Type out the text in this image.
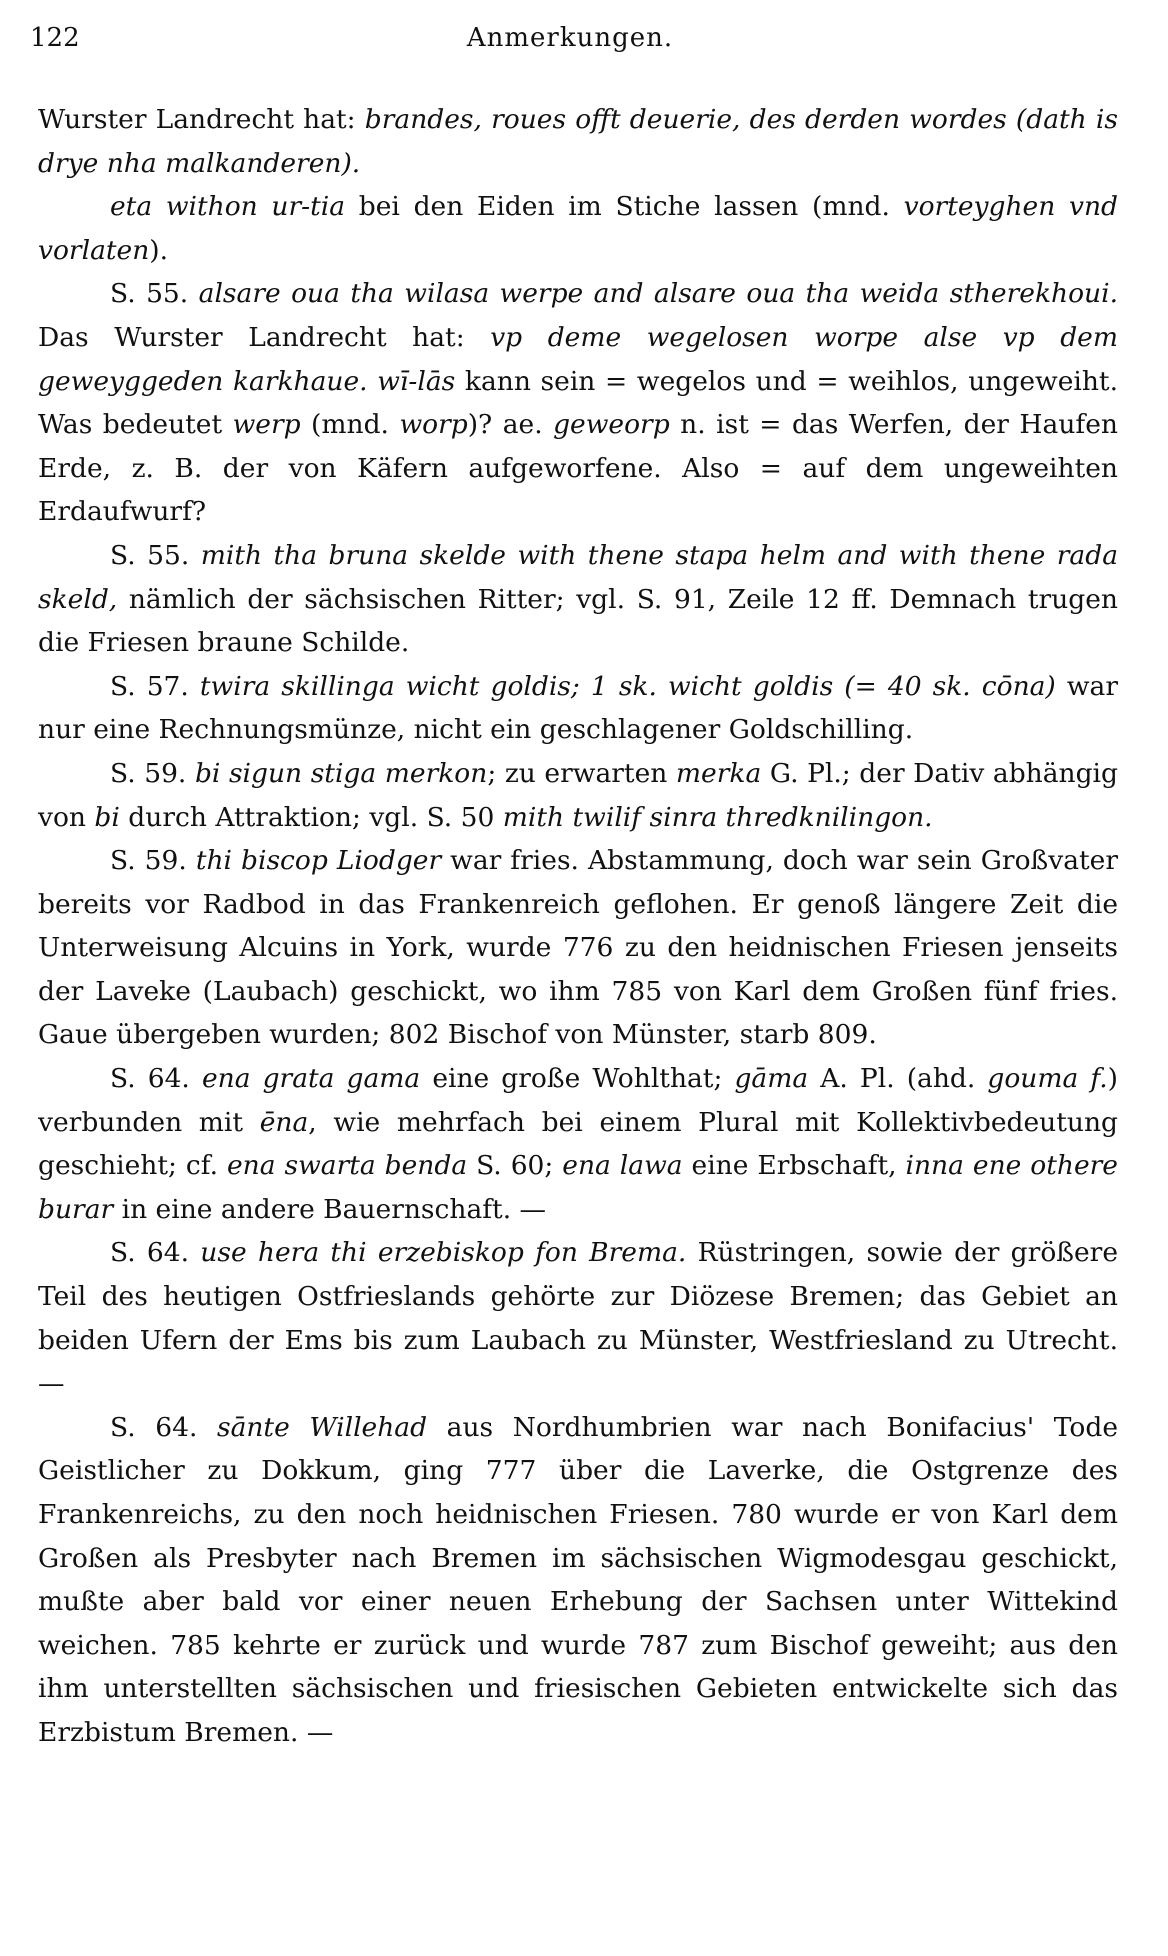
122	Anmerkungen.

Wurster Landrecht hat: brandes, roues offt deuerie, des derden wordes (dath is drye nha malkanderen).

eta withon ur-tia bei den Eiden im Stiche lassen (mnd. vorteyghen vnd vorlaten).

S. 55. alsare oua tha wilasa werpe and alsare oua tha weida stherekhoui. Das Wurster Landrecht hat: vp deme wegelosen worpe alse vp dem geweyggeden karkhaue. wī-lās kann sein = wegelos und = weihlos, ungeweiht. Was bedeutet werp (mnd. worp)? ae. geweorp n. ist = das Werfen, der Haufen Erde, z. B. der von Käfern aufgeworfene. Also = auf dem ungeweihten Erdaufwurf?

S. 55. mith tha bruna skelde with thene stapa helm and with thene rada skeld, nämlich der sächsischen Ritter; vgl. S. 91, Zeile 12 ff. Demnach trugen die Friesen braune Schilde.

S. 57. twira skillinga wicht goldis; 1 sk. wicht goldis (= 40 sk. cōna) war nur eine Rechnungsmünze, nicht ein geschlagener Goldschilling.

S. 59. bi sigun stiga merkon; zu erwarten merka G. Pl.; der Dativ abhängig von bi durch Attraktion; vgl. S. 50 mith twilif sinra thredknilingon.

S. 59. thi biscop Liodger war fries. Abstammung, doch war sein Großvater bereits vor Radbod in das Frankenreich geflohen. Er genoß längere Zeit die Unterweisung Alcuins in York, wurde 776 zu den heidnischen Friesen jenseits der Laveke (Laubach) geschickt, wo ihm 785 von Karl dem Großen fünf fries. Gaue übergeben wurden; 802 Bischof von Münster, starb 809.

S. 64. ena grata gama eine große Wohlthat; gāma A. Pl. (ahd. gouma f.) verbunden mit ēna, wie mehrfach bei einem Plural mit Kollektivbedeutung geschieht; cf. ena swarta benda S. 60; ena lawa eine Erbschaft, inna ene othere burar in eine andere Bauernschaft. —

S. 64. use hera thi erzebiskop fon Brema. Rüstringen, sowie der größere Teil des heutigen Ostfrieslands gehörte zur Diözese Bremen; das Gebiet an beiden Ufern der Ems bis zum Laubach zu Münster, Westfriesland zu Utrecht. —

S. 64. sānte Willehad aus Nordhumbrien war nach Bonifacius' Tode Geistlicher zu Dokkum, ging 777 über die Laverke, die Ostgrenze des Frankenreichs, zu den noch heidnischen Friesen. 780 wurde er von Karl dem Großen als Presbyter nach Bremen im sächsischen Wigmodesgau geschickt, mußte aber bald vor einer neuen Erhebung der Sachsen unter Wittekind weichen. 785 kehrte er zurück und wurde 787 zum Bischof geweiht; aus den ihm unterstellten sächsischen und friesischen Gebieten entwickelte sich das Erzbistum Bremen. —
